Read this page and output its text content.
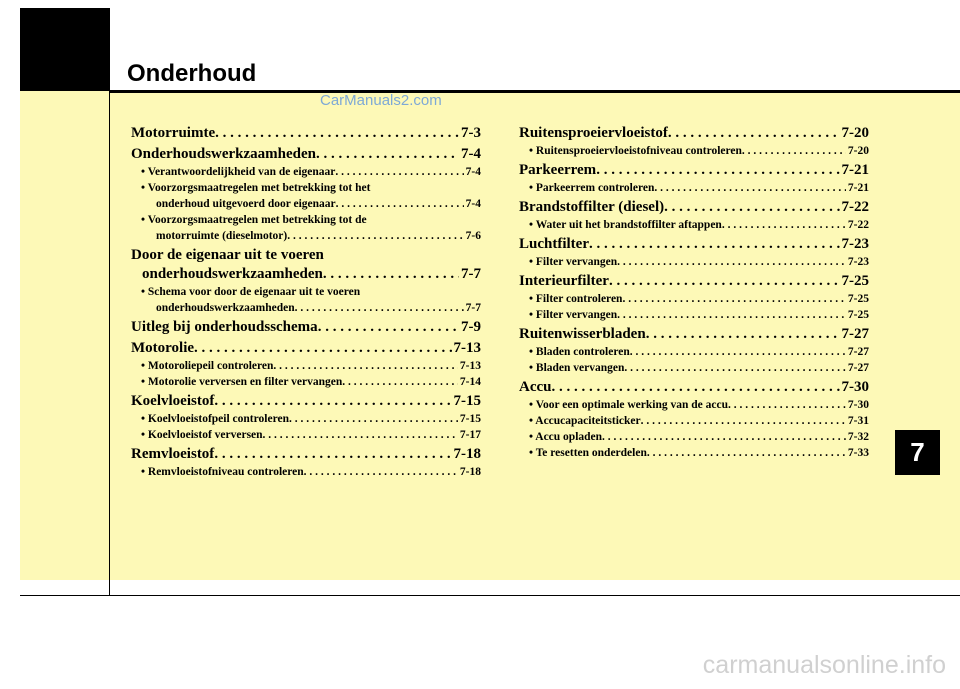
Onderhoud
CarManuals2.com
7
Motorruimte . . .	7-3
Onderhoudswerkzaamheden . . .	7-4
• Verantwoordelijkheid van de eigenaar . . .	7-4
• Voorzorgsmaatregelen met betrekking tot het
onderhoud uitgevoerd door eigenaar . . .	7-4
• Voorzorgsmaatregelen met betrekking tot de
motorruimte (dieselmotor) . . .	7-6
Door de eigenaar uit te voeren
onderhoudswerkzaamheden . . .	7-7
• Schema voor door de eigenaar uit te voeren
onderhoudswerkzaamheden . . .	7-7
Uitleg bij onderhoudsschema . . .	7-9
Motorolie . . .	7-13
• Motoroliepeil controleren . . .	7-13
• Motorolie verversen en filter vervangen . . .	7-14
Koelvloeistof . . .	7-15
• Koelvloeistofpeil controleren . . .	7-15
• Koelvloeistof verversen . . .	7-17
Remvloeistof . . .	7-18
• Remvloeistofniveau controleren . . .	7-18
Ruitensproeiervloeistof . . .	7-20
• Ruitensproeiervloeistofniveau controleren . . .	7-20
Parkeerrem . . .	7-21
• Parkeerrem controleren . . .	7-21
Brandstoffilter (diesel) . . .	7-22
• Water uit het brandstoffilter aftappen . . .	7-22
Luchtfilter . . .	7-23
• Filter vervangen . . .	7-23
Interieurfilter . . .	7-25
• Filter controleren . . .	7-25
• Filter vervangen . . .	7-25
Ruitenwisserbladen . . .	7-27
• Bladen controleren . . .	7-27
• Bladen vervangen . . .	7-27
Accu . . .	7-30
• Voor een optimale werking van de accu . . .	7-30
• Accucapaciteitsticker . . .	7-31
• Accu opladen . . .	7-32
• Te resetten onderdelen . . .	7-33
carmanualsonline.info
